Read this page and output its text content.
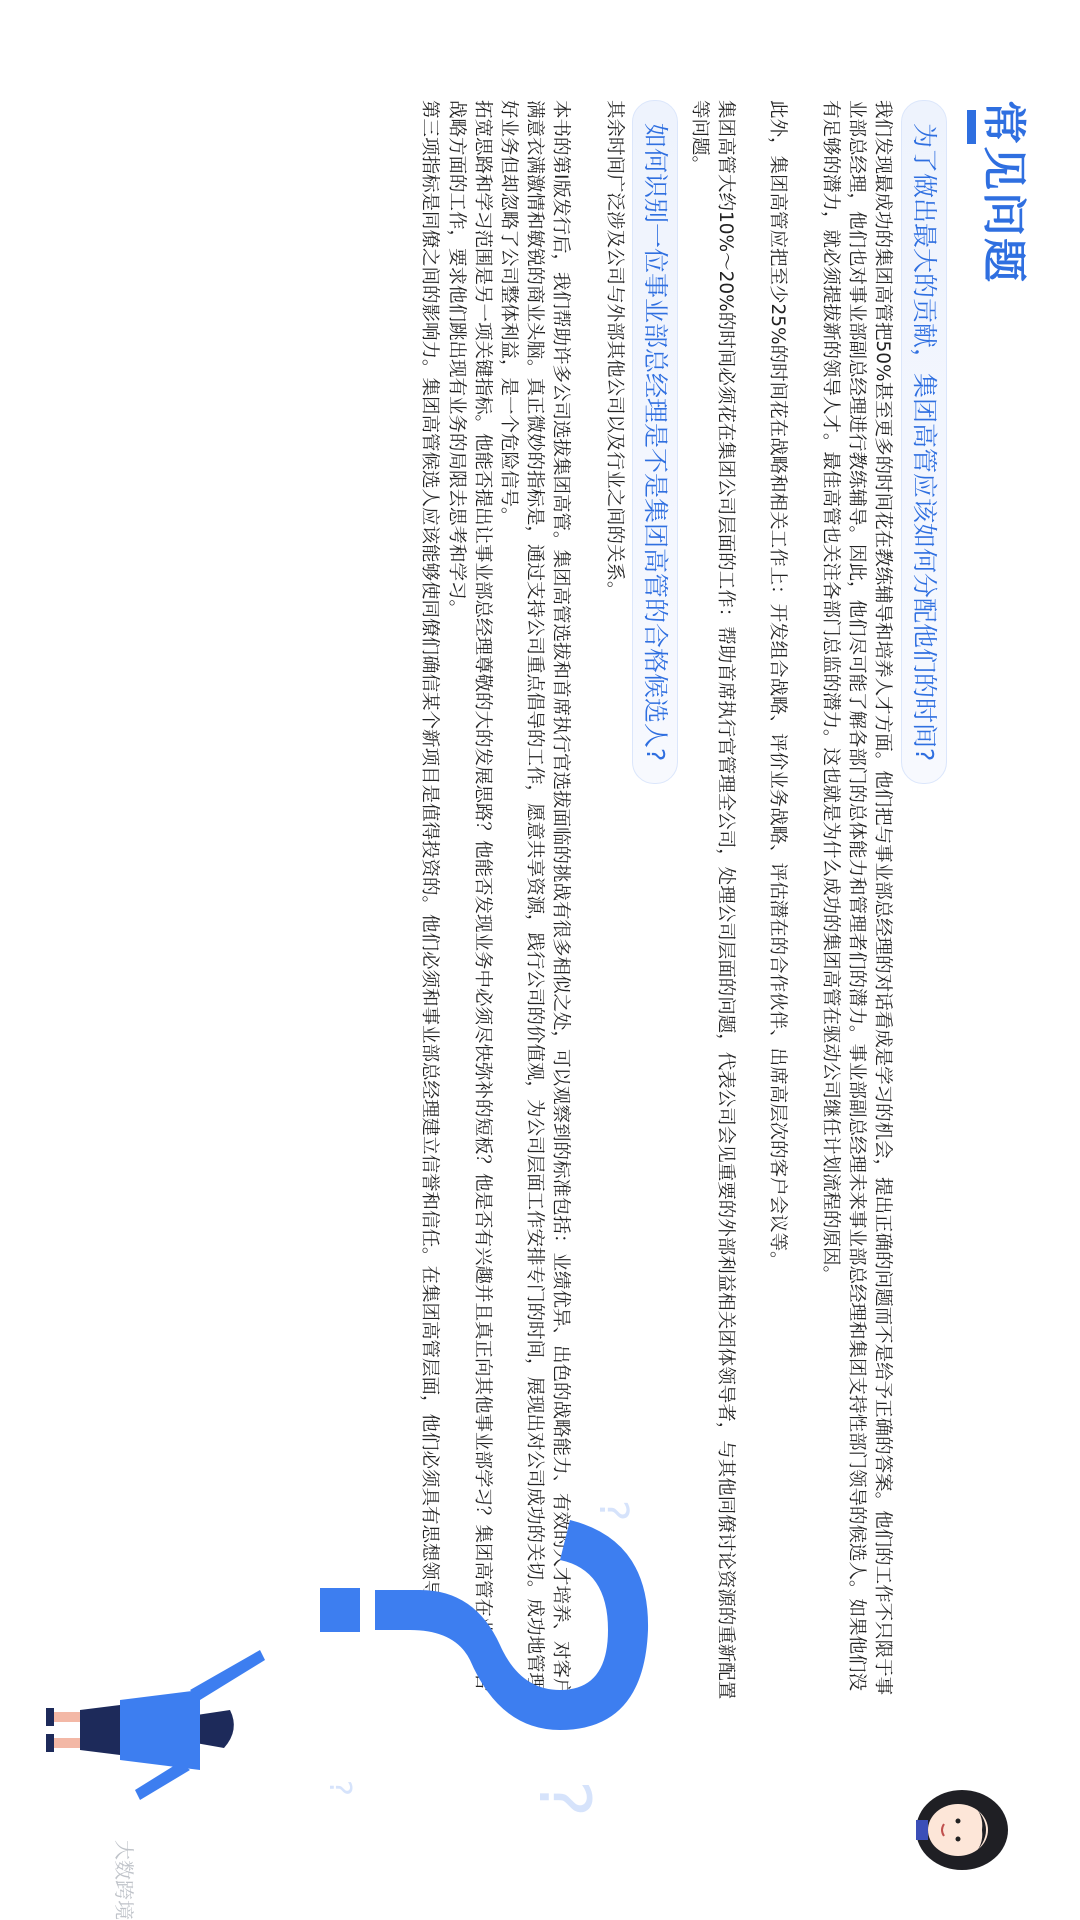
常见问题
为了做出最大的贡献，集团高管应该如何分配他们的时间?

我们发现最成功的集团高管把50%甚至更多的时间花在教练辅导和培养人才方面。他们把与事业部总经理的对话看成是学习的机会，提出正确的问题而不是给予正确的答案。他们的工作不只限于事业部总经理，他们也对事业部副总经理进行教练辅导。因此，他们尽可能了解各部门的总体能力和管理者们的潜力。事业部副总经理未来事业部总经理和集团支持性部门领导的候选人。如果他们没有足够的潜力，就必须提拔新的领导人才。最佳高管也关注各部门总监的潜力。这也就是为什么成功的集团高管在驱动公司继任计划流程的原因。

此外，集团高管应把至少25%的时间花在战略和相关工作上：开发组合战略、评价业务战略、评估潜在的合作伙伴、出席高层次的客户会议等。

集团高管大约10%～20%的时间必须花在集团公司层面的工作：帮助首席执行官管理全公司，处理公司层面的问题，代表公司会见重要的外部利益相关团体领导者，与其他同僚讨论资源的重新配置等问题。

其余时间广泛涉及公司与外部其他公司以及行业之间的关系。 如何识别一位事业部总经理是不是集团高管的合格候选人?

本书的第I版发行后，我们帮助许多公司选拔集团高管。集团高管选拔和首席执行官选拔面临的挑战有很多相似之处，可以观察到的标准包括：业绩优异、出色的战略能力、有效的人才培养、对客户满意衣满激情和敏锐的商业头脑。真正微妙的指标是，通过支持公司重点倡导的工作，愿意共享资源，践行公司的价值观，为公司层面工作安排专门的时间，展现出对公司成功的关切。成功地管理好业务但却忽略了公司整体利益，是一个危险信号。

拓宽思路和学习范围是另一项关键指标。他能否提出让事业部总经理尊敬的大的发展思路？他能否发现业务中必须尽快弥补的短板？他是否有兴趣并且真正向其他事业部学习？集团高管在业务组合战略方面的工作，要求他们跳出现有业务的局限去思考和学习。

第三项指标是同僚之间的影响力。集团高管候选人应该能够使同僚们确信某个新项目是值得投资的。他们必须和事业部总经理建立信誉和信任。在集团高管层面，他们必须具有思想领导力。

?
?
?
大数跨境
